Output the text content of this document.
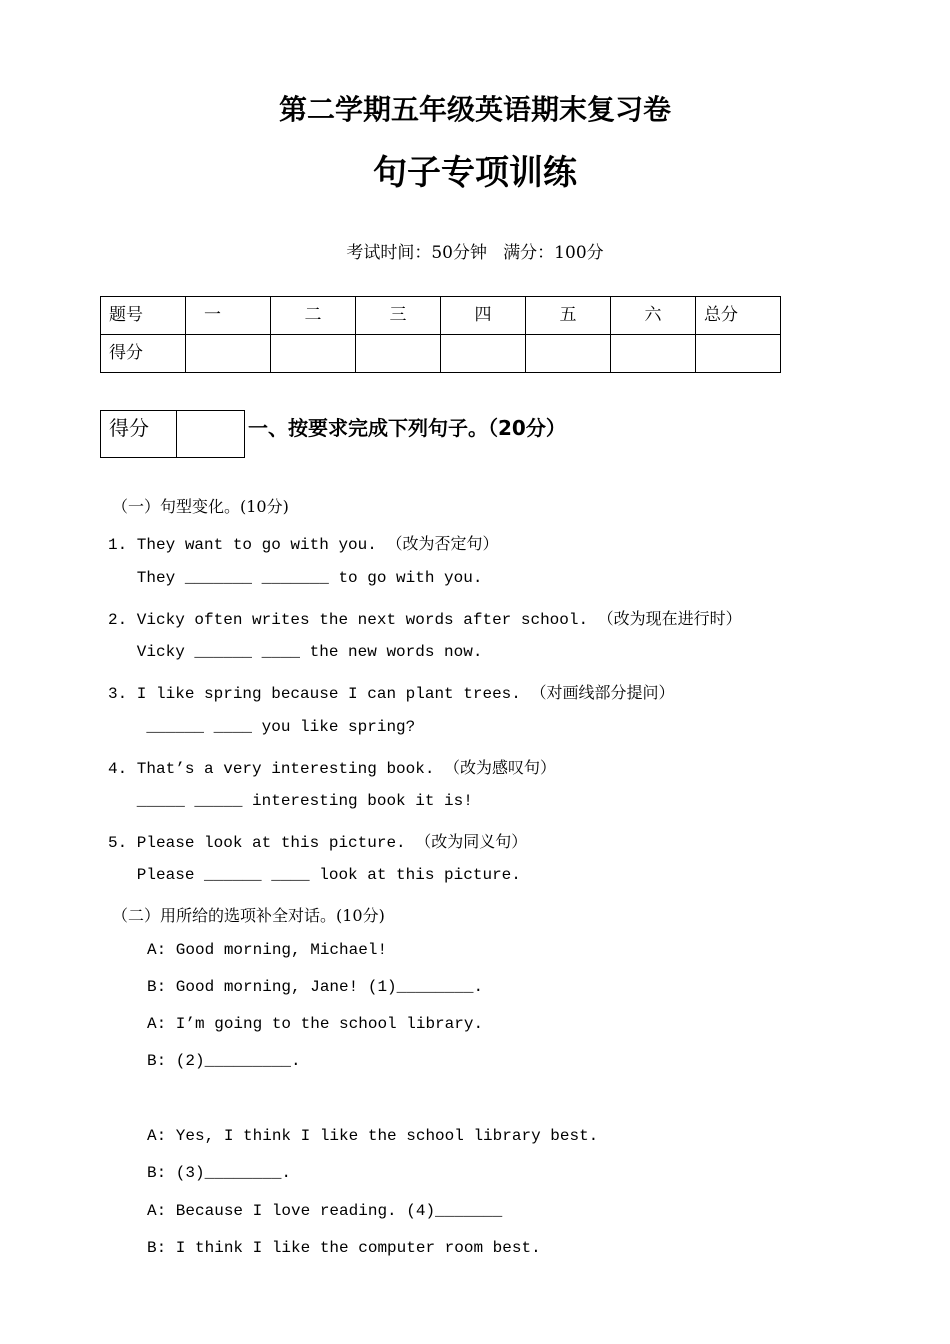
第二学期五年级英语期末复习卷
句子专项训练
考试时间：50分钟   满分：100分
题号	一	二	三	四	五	六	总分

得分							

得分		一、按要求完成下列句子。（20分）
（一）句型变化。(10分)
1. They want to go with you. （改为否定句）
They _______ _______ to go with you.
2. Vicky often writes the next words after school. （改为现在进行时）
Vicky ______ ____ the new words now.
3. I like spring because I can plant trees. （对画线部分提问）
______ ____ you like spring?
4. That’s a very interesting book. （改为感叹句）
_____ _____ interesting book it is!
5. Please look at this picture. （改为同义句）
Please ______ ____ look at this picture.
（二）用所给的选项补全对话。(10分)
A: Good morning, Michael!
B: Good morning, Jane! (1)________.
A: I’m going to the school library.
B: (2)_________.
A: Yes, I think I like the school library best.
B: (3)________.
A: Because I love reading. (4)_______
B: I think I like the computer room best.
